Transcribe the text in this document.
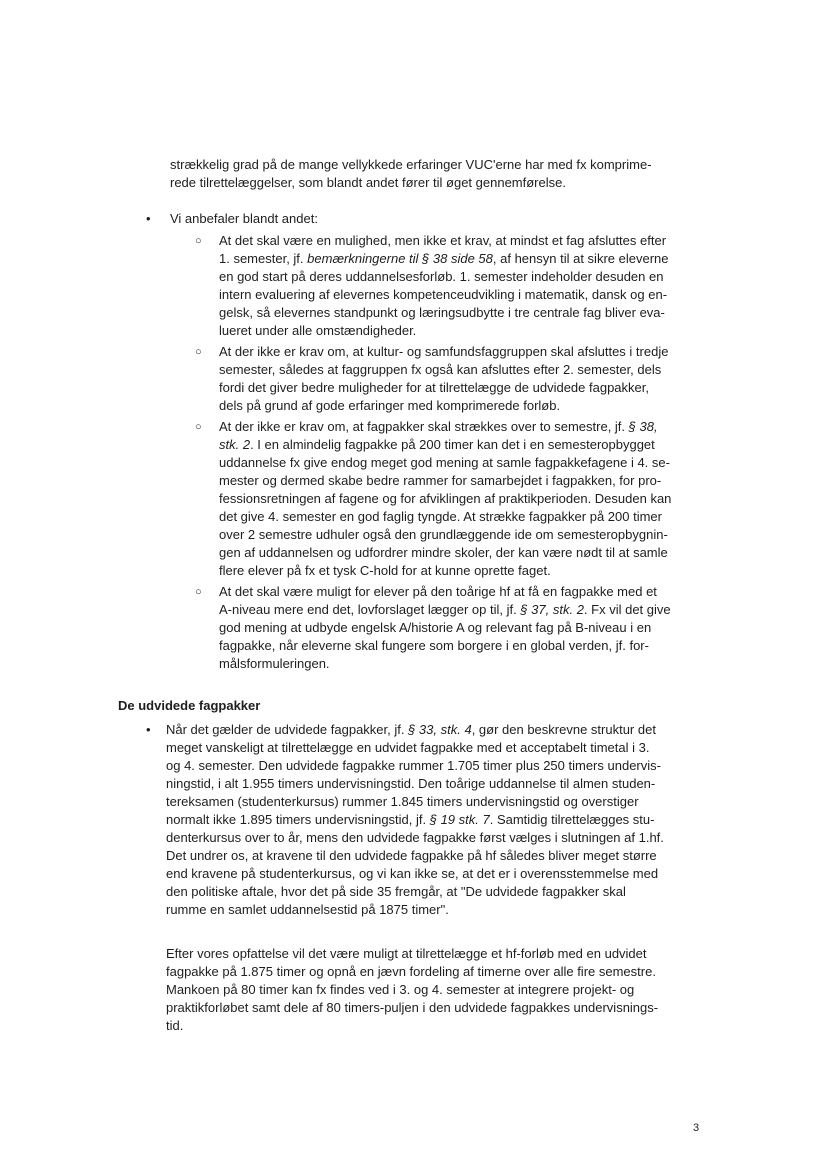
strækkelig grad på de mange vellykkede erfaringer VUC'erne har med fx komprime-
rede tilrettelæggelser, som blandt andet fører til øget gennemførelse.
• Vi anbefaler blandt andet:
○ At det skal være en mulighed, men ikke et krav, at mindst et fag afsluttes efter
1. semester, jf. bemærkningerne til § 38 side 58, af hensyn til at sikre eleverne
en god start på deres uddannelsesforløb. 1. semester indeholder desuden en
intern evaluering af elevernes kompetenceudvikling i matematik, dansk og en-
gelsk, så elevernes standpunkt og læringsudbytte i tre centrale fag bliver eva-
lueret under alle omstændigheder.
○ At der ikke er krav om, at kultur- og samfundsfaggruppen skal afsluttes i tredje
semester, således at faggruppen fx også kan afsluttes efter 2. semester, dels
fordi det giver bedre muligheder for at tilrettelægge de udvidede fagpakker,
dels på grund af gode erfaringer med komprimerede forløb.
○ At der ikke er krav om, at fagpakker skal strækkes over to semestre, jf. § 38,
stk. 2. I en almindelig fagpakke på 200 timer kan det i en semesteropbygget
uddannelse fx give endog meget god mening at samle fagpakkefagene i 4. se-
mester og dermed skabe bedre rammer for samarbejdet i fagpakken, for pro-
fessionsretningen af fagene og for afviklingen af praktikperioden. Desuden kan
det give 4. semester en god faglig tyngde. At strække fagpakker på 200 timer
over 2 semestre udhuler også den grundlæggende ide om semesteropbygnin-
gen af uddannelsen og udfordrer mindre skoler, der kan være nødt til at samle
flere elever på fx et tysk C-hold for at kunne oprette faget.
○ At det skal være muligt for elever på den toårige hf at få en fagpakke med et
A-niveau mere end det, lovforslaget lægger op til, jf. § 37, stk. 2. Fx vil det give
god mening at udbyde engelsk A/historie A og relevant fag på B-niveau i en
fagpakke, når eleverne skal fungere som borgere i en global verden, jf. for-
målsformuleringen.
De udvidede fagpakker
• Når det gælder de udvidede fagpakker, jf. § 33, stk. 4, gør den beskrevne struktur det
meget vanskeligt at tilrettelægge en udvidet fagpakke med et acceptabelt timetal i 3.
og 4. semester. Den udvidede fagpakke rummer 1.705 timer plus 250 timers undervis-
ningstid, i alt 1.955 timers undervisningstid. Den toårige uddannelse til almen studen-
tereksamen (studenterkursus) rummer 1.845 timers undervisningstid og overstiger
normalt ikke 1.895 timers undervisningstid, jf. § 19 stk. 7. Samtidig tilrettelægges stu-
denterkursus over to år, mens den udvidede fagpakke først vælges i slutningen af 1.hf.
Det undrer os, at kravene til den udvidede fagpakke på hf således bliver meget større
end kravene på studenterkursus, og vi kan ikke se, at det er i overensstemmelse med
den politiske aftale, hvor det på side 35 fremgår, at "De udvidede fagpakker skal
rumme en samlet uddannelsestid på 1875 timer".
Efter vores opfattelse vil det være muligt at tilrettelægge et hf-forløb med en udvidet
fagpakke på 1.875 timer og opnå en jævn fordeling af timerne over alle fire semestre.
Mankoen på 80 timer kan fx findes ved i 3. og 4. semester at integrere projekt- og
praktikforløbet samt dele af 80 timers-puljen i den udvidede fagpakkes undervisnings-
tid.
3
